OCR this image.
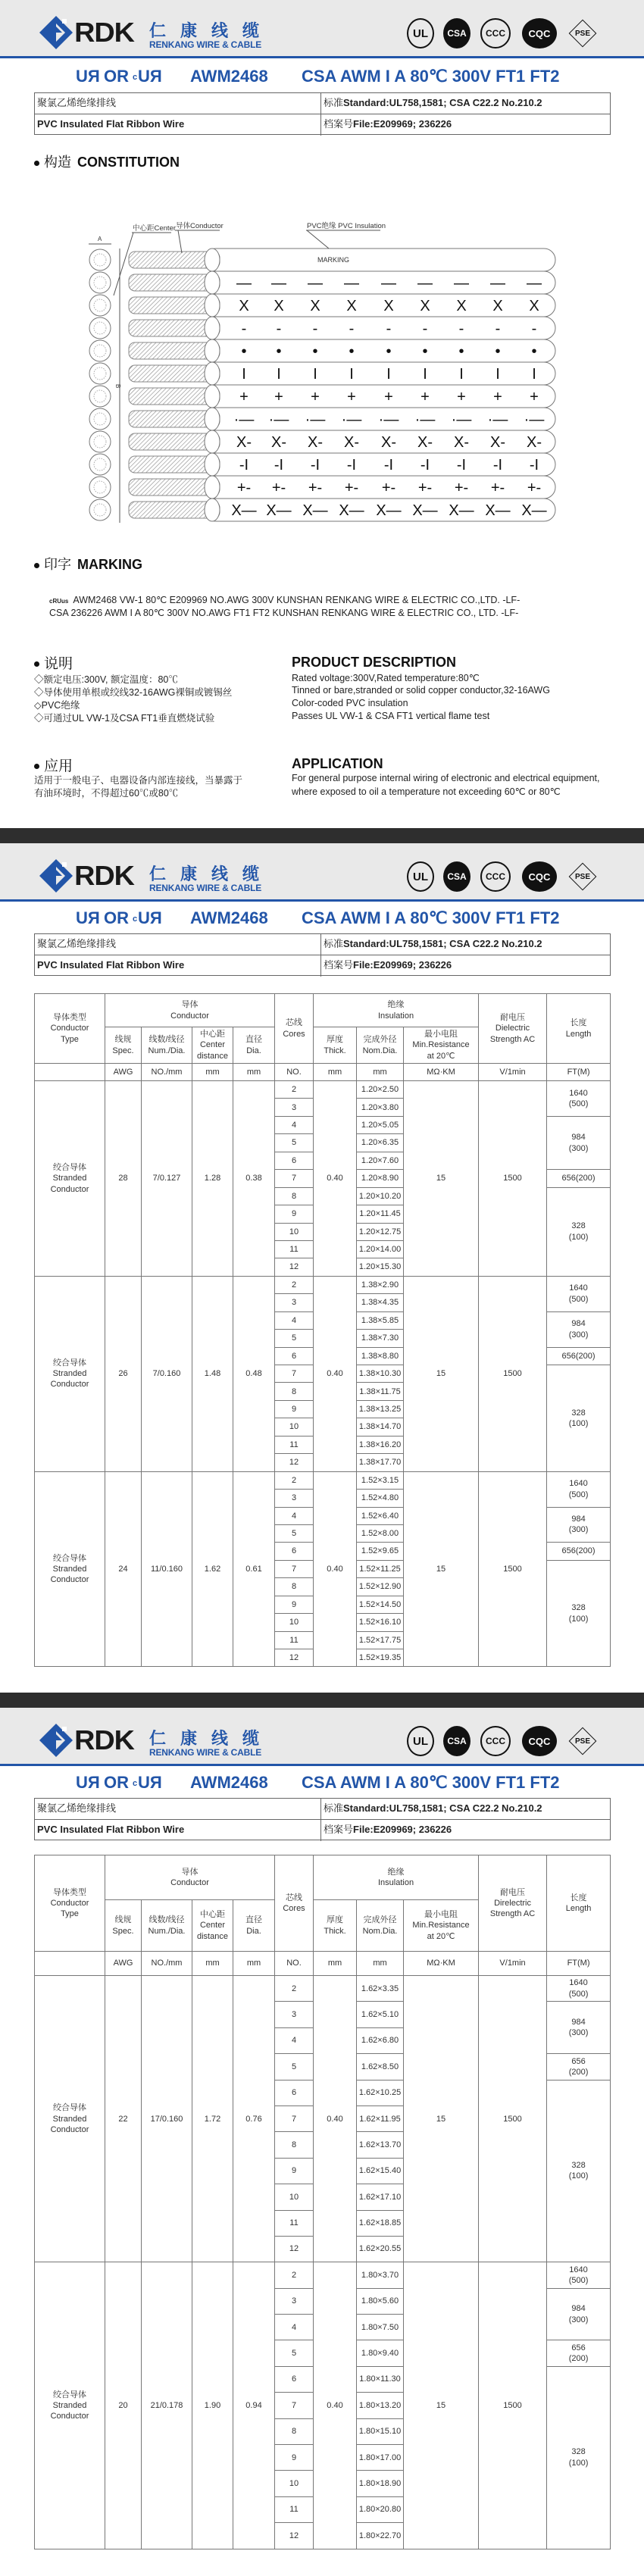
RDK 仁康线缆
RENKANG WIRE & CABLE
UL	CSA	CCC	CQC	PSE
RU OR c RU AWM2468 CSA AWM I A 80℃ 300V FT1 FT2
聚氯乙烯绝缘排线	标准Standard:UL758,1581; CSA C22.2 No.210.2
PVC Insulated Flat Ribbon Wire	档案号File:E209969; 236226
RDK 仁康线缆
RENKANG WIRE & CABLE
UL	CSA	CCC	CQC	PSE
RU OR c RU AWM2468 CSA AWM I A 80℃ 300V FT1 FT2
聚氯乙烯绝缘排线	标准Standard:UL758,1581; CSA C22.2 No.210.2
PVC Insulated Flat Ribbon Wire	档案号File:E209969; 236226
RDK 仁康线缆
RENKANG WIRE & CABLE
UL	CSA	CCC	CQC	PSE
RU OR c RU AWM2468 CSA AWM I A 80℃ 300V FT1 FT2
聚氯乙烯绝缘排线	标准Standard:UL758,1581; CSA C22.2 No.210.2
PVC Insulated Flat Ribbon Wire	档案号File:E209969; 236226
构造 CONSTITUTION
MARKING
— — — — — — — — —
X X X X X X X X X
- - - - - - - - -
• • • • • • • • •
I I I I I I I I I
+ + + + + + + + +
·— ·— ·— ·— ·— ·— ·— ·— ·—
X- X- X- X- X- X- X- X- X-
-I -I -I -I -I -I -I -I -I
+- +- +- +- +- +- +- +- +-
X— X— X— X— X— X— X— X— X—
中心距Center 导体Conductor	PVC绝缘 PVC Insulation
A
B
印字 MARKING
cRUus AWM2468 VW-1 80℃ E209969 NO.AWG 300V KUNSHAN RENKANG WIRE & ELECTRIC CO.,LTD. -LF-
CSA 236226 AWM I A 80℃ 300V NO.AWG FT1 FT2 KUNSHAN RENKANG WIRE & ELECTRIC CO., LTD. -LF-
说明	PRODUCT DESCRIPTION
◇额定电压:300V, 额定温度：80℃
◇导体使用单根或绞线32-16AWG裸铜或镀锡丝
◇PVC绝缘
◇可通过UL VW-1及CSA FT1垂直燃烧试验
Rated voltage:300V,Rated temperature:80℃
Tinned or bare,stranded or solid copper conductor,32-16AWG
Color-coded PVC insulation
Passes UL VW-1 & CSA FT1 vertical flame test
应用	APPLICATION
适用于一般电子、电器设备内部连接线，当暴露于
有油环境时，不得超过60℃或80℃
For general purpose internal wiring of electronic and electrical equipment,
where exposed to oil a temperature not exceeding 60℃ or 80℃
导体类型
Conductor
Type	导体
Conductor				芯线
Cores	绝缘
Insulation			耐电压
Dielectric
Strength AC	长度
Length
	线规
Spec.	线数/线径
Num./Dia.	中心距
Center
distance	直径
Dia.		厚度
Thick.	完成外径
Nom.Dia.	最小电阻
Min.Resistance
at 20℃		
	AWG	NO./mm	mm	mm	NO.	mm	mm	MΩ·KM	V/1min	FT(M)
绞合导体
Stranded
Conductor	28	7/0.127	1.28	0.38	2	0.40	1.20×2.50	15	1500	1640
(500)
					3		1.20×3.80			
					4		1.20×5.05			984
(300)
					5		1.20×6.35			
					6		1.20×7.60			
					7		1.20×8.90			656(200)
					8		1.20×10.20			328
(100)
					9		1.20×11.45			
					10		1.20×12.75			
					11		1.20×14.00			
					12		1.20×15.30			
绞合导体
Stranded
Conductor	26	7/0.160	1.48	0.48	2	0.40	1.38×2.90	15	1500	1640
(500)
					3		1.38×4.35			
					4		1.38×5.85			984
(300)
					5		1.38×7.30			
					6		1.38×8.80			656(200)
					7		1.38×10.30			328
(100)
					8		1.38×11.75			
					9		1.38×13.25			
					10		1.38×14.70			
					11		1.38×16.20			
					12		1.38×17.70			
绞合导体
Stranded
Conductor	24	11/0.160	1.62	0.61	2	0.40	1.52×3.15	15	1500	1640
(500)
					3		1.52×4.80			
					4		1.52×6.40			984
(300)
					5		1.52×8.00			
					6		1.52×9.65			656(200)
					7		1.52×11.25			328
(100)
					8		1.52×12.90			
					9		1.52×14.50			
					10		1.52×16.10			
					11		1.52×17.75			
					12		1.52×19.35			
导体类型
Conductor
Type	导体
Conductor				芯线
Cores	绝缘
Insulation			耐电压
Direlectric
Strength AC	长度
Length
	线规
Spec.	线数/线径
Num./Dia.	中心距
Center
distance	直径
Dia.		厚度
Thick.	完成外径
Nom.Dia.	最小电阻
Min.Resistance
at 20℃		
	AWG	NO./mm	mm	mm	NO.	mm	mm	MΩ·KM	V/1min	FT(M)
绞合导体
Stranded
Conductor	22	17/0.160	1.72	0.76	2	0.40	1.62×3.35	15	1500	1640
(500)
					3		1.62×5.10			984
(300)
					4		1.62×6.80			
					5		1.62×8.50			656
(200)
					6		1.62×10.25			328
(100)
					7		1.62×11.95			
					8		1.62×13.70			
					9		1.62×15.40			
					10		1.62×17.10			
					11		1.62×18.85			
					12		1.62×20.55			
绞合导体
Stranded
Conductor	20	21/0.178	1.90	0.94	2	0.40	1.80×3.70	15	1500	1640
(500)
					3		1.80×5.60			984
(300)
					4		1.80×7.50			
					5		1.80×9.40			656
(200)
					6		1.80×11.30			328
(100)
					7		1.80×13.20			
					8		1.80×15.10			
					9		1.80×17.00			
					10		1.80×18.90			
					11		1.80×20.80			
					12		1.80×22.70			
